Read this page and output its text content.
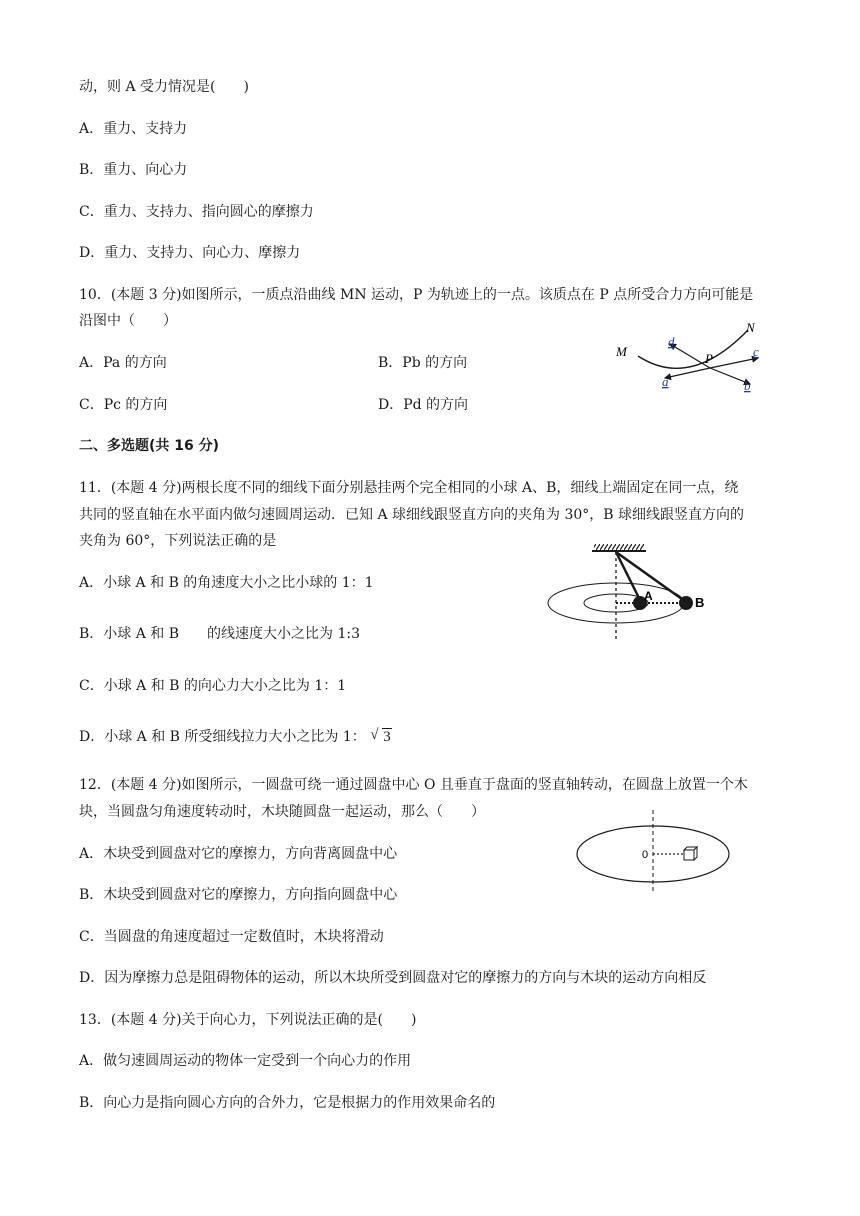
动，则 A 受力情况是(　　)
A．重力、支持力
B．重力、向心力
C．重力、支持力、指向圆心的摩擦力
D．重力、支持力、向心力、摩擦力
10．(本题 3 分)如图所示，一质点沿曲线 MN 运动，P 为轨迹上的一点。该质点在 P 点所受合力方向可能是
沿图中（　　）
A．Pa 的方向	B．Pb 的方向
C．Pc 的方向	D．Pd 的方向
M
N
P
d
a	b
c
二、多选题(共 16 分)
11．(本题 4 分)两根长度不同的细线下面分别悬挂两个完全相同的小球 A、B，细线上端固定在同一点，绕
共同的竖直轴在水平面内做匀速圆周运动．已知 A 球细线跟竖直方向的夹角为 30°，B 球细线跟竖直方向的
夹角为 60°，下列说法正确的是
A．小球 A 和 B 的角速度大小之比小球的 1：1
B．小球 A 和 B　　的线速度大小之比为 1:3
C．小球 A 和 B 的向心力大小之比为 1：1
D．小球 A 和 B 所受细线拉力大小之比为 1： √ 3
A	B
12．(本题 4 分)如图所示，一圆盘可绕一通过圆盘中心 O 且垂直于盘面的竖直轴转动，在圆盘上放置一个木
块，当圆盘匀角速度转动时，木块随圆盘一起运动，那么（　　）
A．木块受到圆盘对它的摩擦力，方向背离圆盘中心
B．木块受到圆盘对它的摩擦力，方向指向圆盘中心
C．当圆盘的角速度超过一定数值时，木块将滑动
D．因为摩擦力总是阻碍物体的运动，所以木块所受到圆盘对它的摩擦力的方向与木块的运动方向相反
0
13．(本题 4 分)关于向心力，下列说法正确的是(　　)
A．做匀速圆周运动的物体一定受到一个向心力的作用
B．向心力是指向圆心方向的合外力，它是根据力的作用效果命名的
